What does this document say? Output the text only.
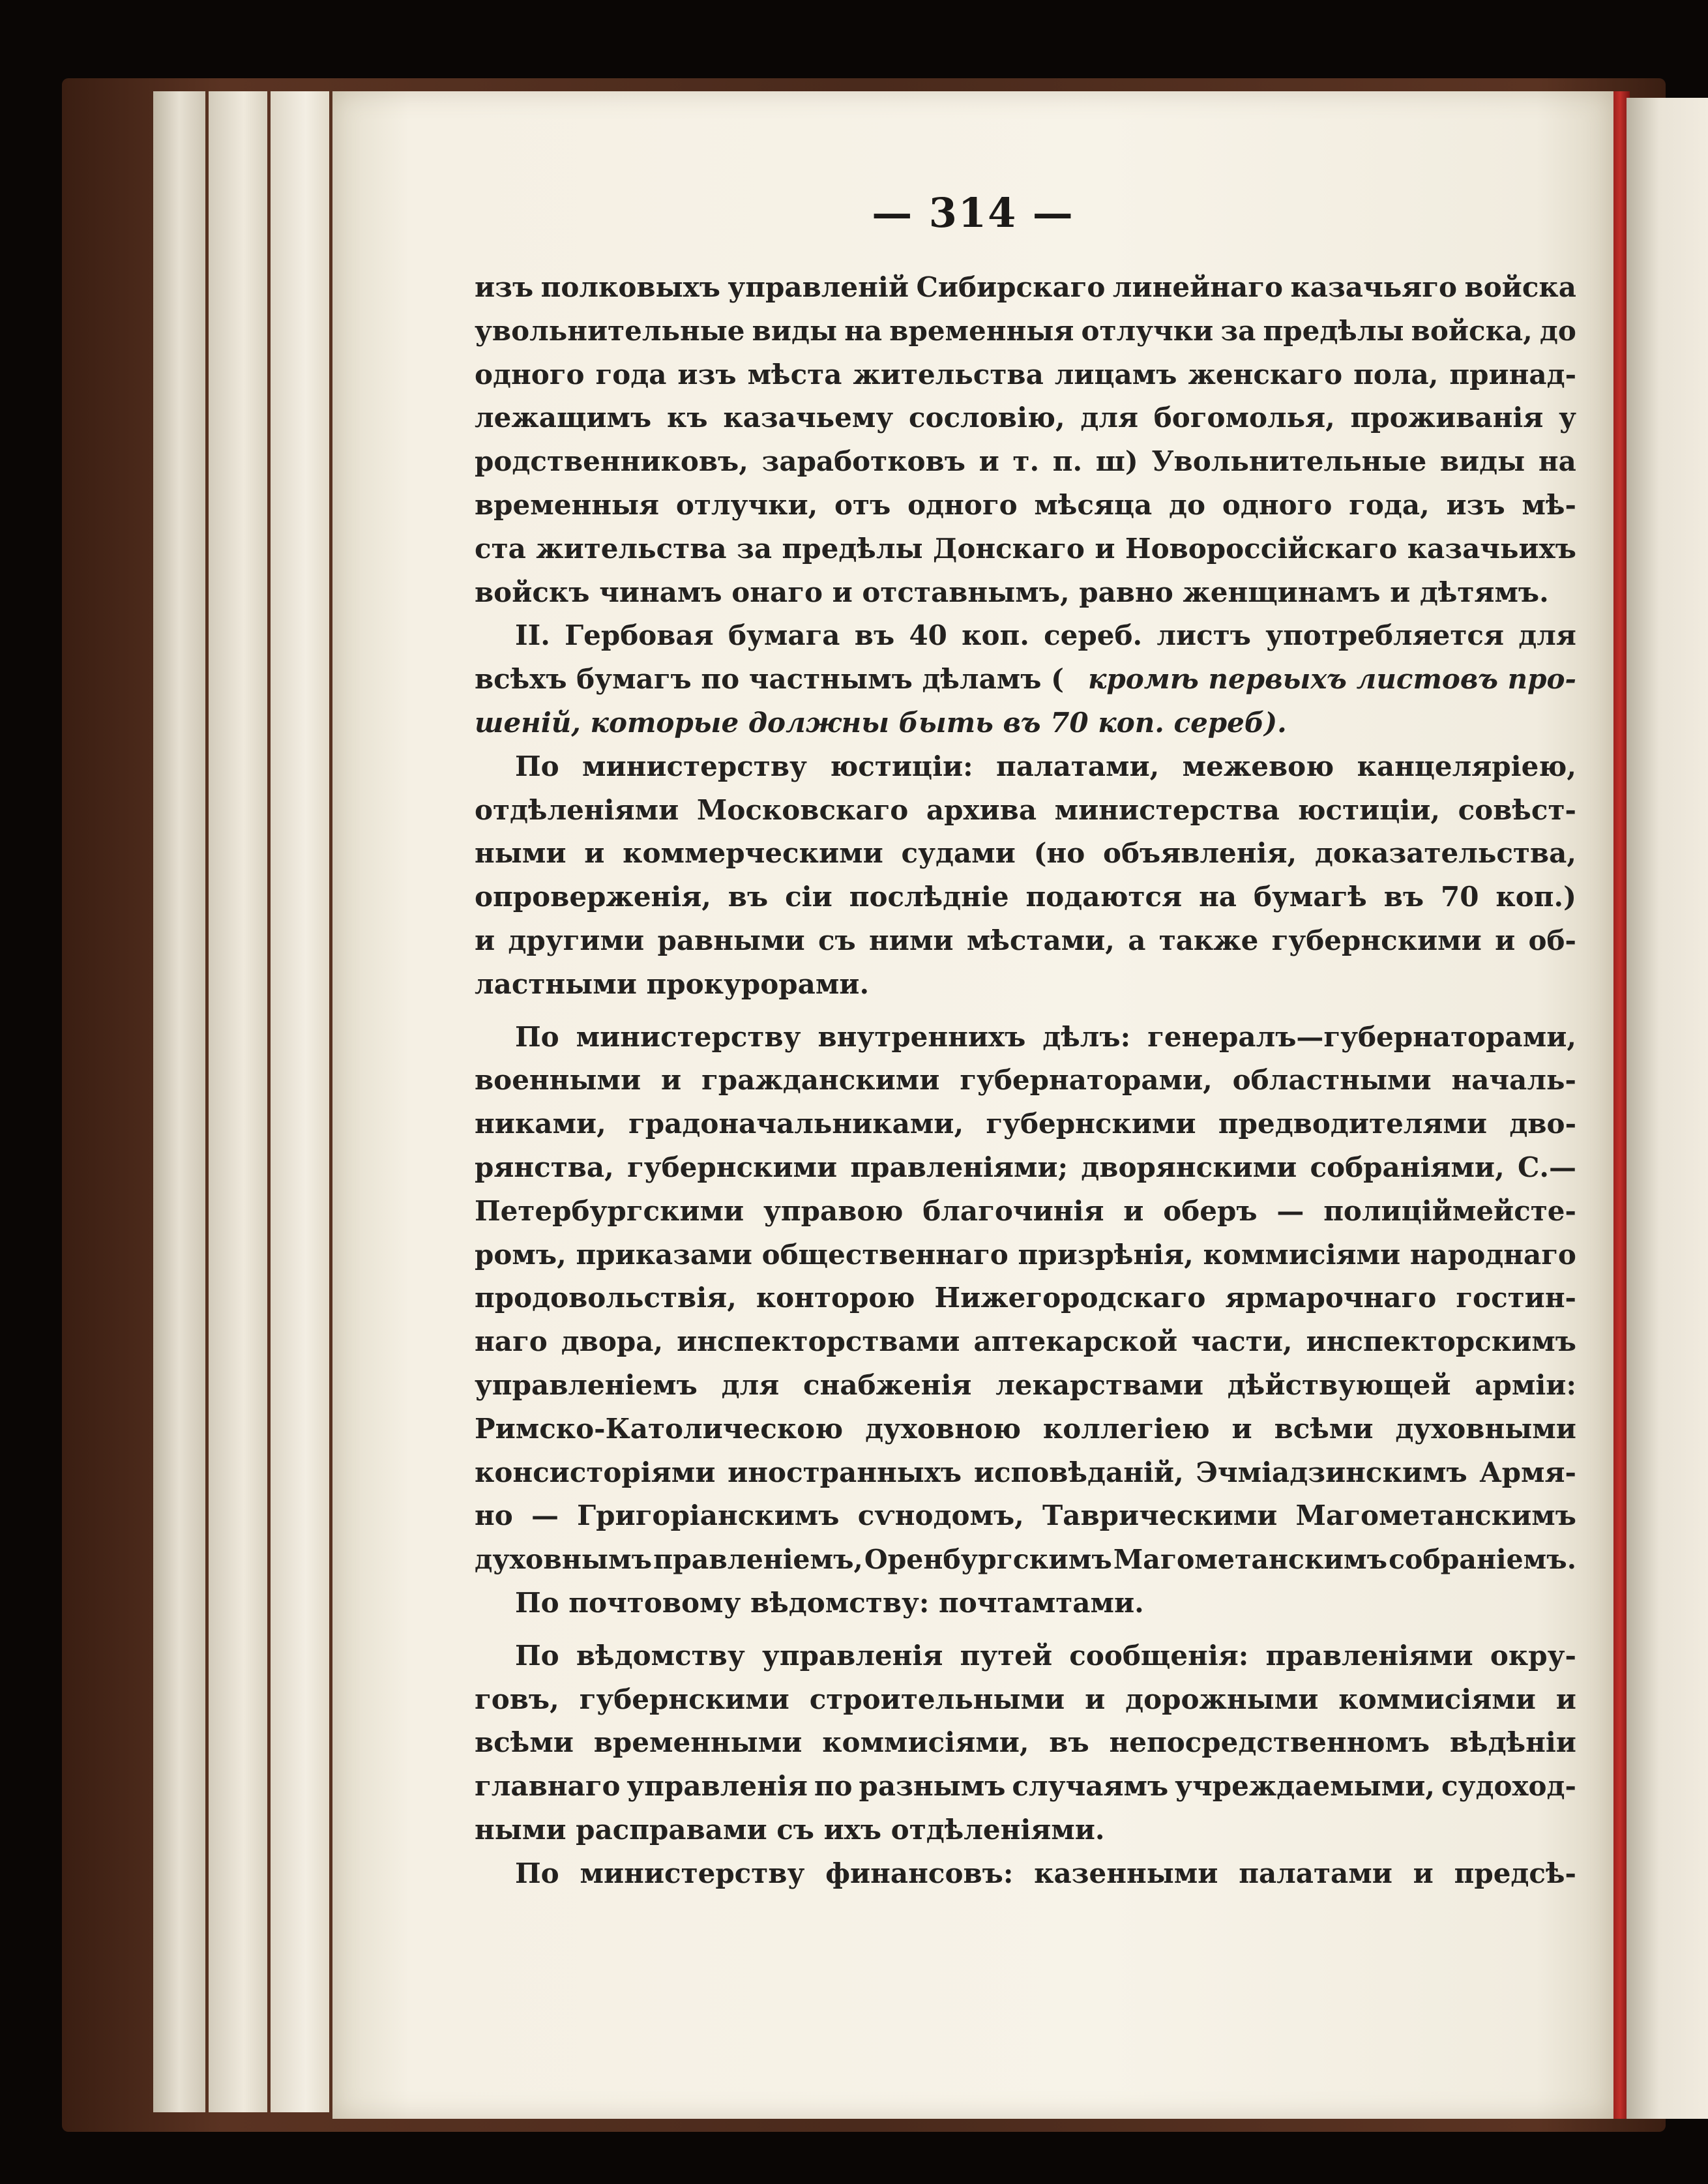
— 314 —
изъ полковыхъ управленій Сибирскаго линейнаго казачьяго войска
увольнительные виды на временныя отлучки за предѣлы войска, до
одного года изъ мѣста жительства лицамъ женскаго пола, принад-
лежащимъ къ казачьему сословію, для богомолья, проживанія у
родственниковъ, заработковъ и т. п. ш) Увольнительные виды на
временныя отлучки, отъ одного мѣсяца до одного года, изъ мѣ-
ста жительства за предѣлы Донскаго и Новороссійскаго казачьихъ
войскъ чинамъ онаго и отставнымъ, равно женщинамъ и дѣтямъ.
II. Гербовая бумага въ 40 коп. сереб. листъ употребляется для
всѣхъ бумагъ по частнымъ дѣламъ ( кромѣ первыхъ листовъ про-
шеній, которые должны быть въ 70 коп. сереб).
По министерству юстиціи: палатами, межевою канцеляріею,
отдѣленіями Московскаго архива министерства юстиціи, совѣст-
ными и коммерческими судами (но объявленія, доказательства,
опроверженія, въ сіи послѣдніе подаются на бумагѣ въ 70 коп.)
и другими равными съ ними мѣстами, а также губернскими и об-
ластными прокурорами.
По министерству внутреннихъ дѣлъ: генералъ—губернаторами,
военными и гражданскими губернаторами, областными началь-
никами, градоначальниками, губернскими предводителями дво-
рянства, губернскими правленіями; дворянскими собраніями, С.—
Петербургскими управою благочинія и оберъ — полиціймейсте-
ромъ, приказами общественнаго призрѣнія, коммисіями народнаго
продовольствія, конторою Нижегородскаго ярмарочнаго гостин-
наго двора, инспекторствами аптекарской части, инспекторскимъ
управленіемъ для снабженія лекарствами дѣйствующей арміи:
Римско-Католическою духовною коллегіею и всѣми духовными
консисторіями иностранныхъ исповѣданій, Эчміадзинскимъ Армя-
но — Григоріанскимъ сѵнодомъ, Таврическими Магометанскимъ
духовнымъ правленіемъ, Оренбургскимъ Магометанскимъ собраніемъ.
По почтовому вѣдомству: почтамтами.
По вѣдомству управленія путей сообщенія: правленіями окру-
говъ, губернскими строительными и дорожными коммисіями и
всѣми временными коммисіями, въ непосредственномъ вѣдѣніи
главнаго управленія по разнымъ случаямъ учреждаемыми, судоход-
ными расправами съ ихъ отдѣленіями.
По министерству финансовъ: казенными палатами и предсѣ-
